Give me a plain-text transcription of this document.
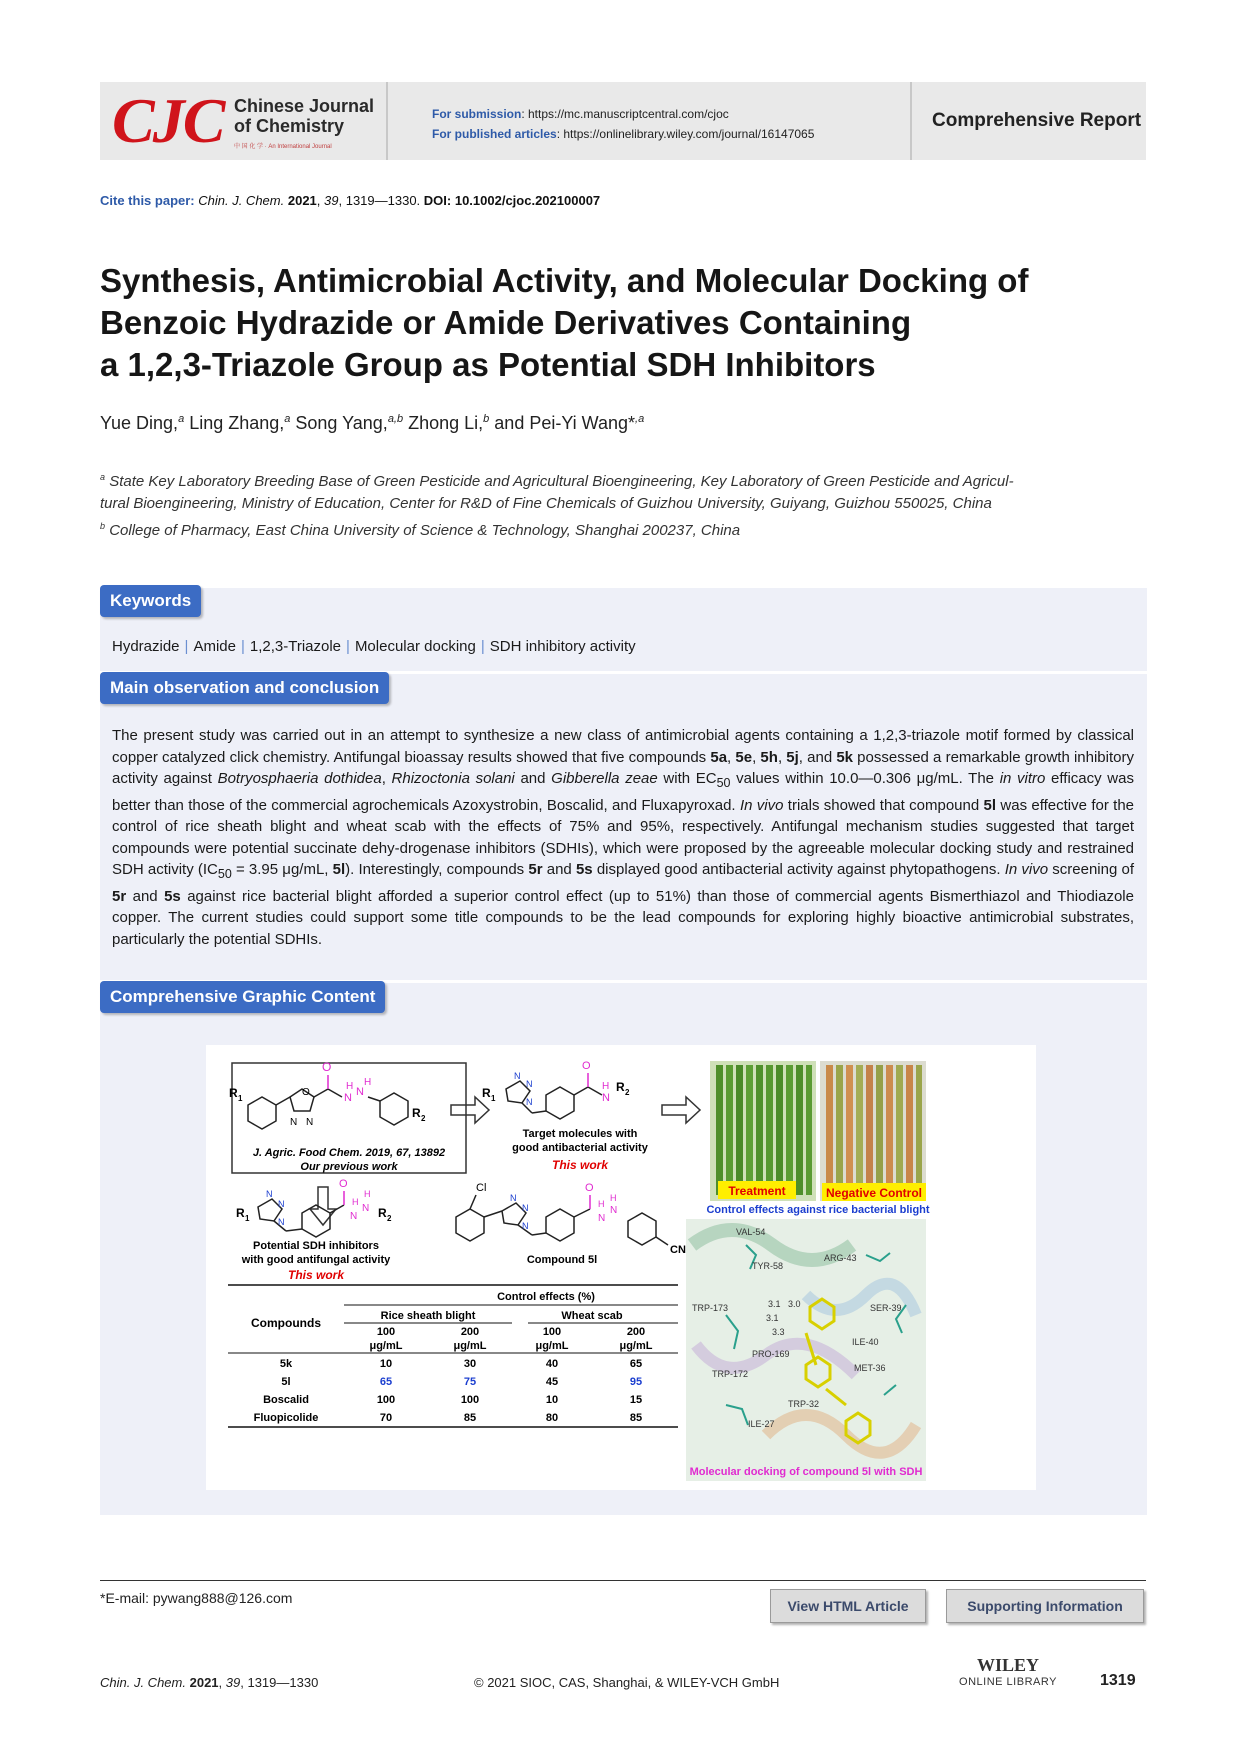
CJC Chinese Journal
of Chemistry
中 国 化 学 · An International Journal
For submission: https://mc.manuscriptcentral.com/cjoc
For published articles: https://onlinelibrary.wiley.com/journal/16147065
Comprehensive Report
Cite this paper: Chin. J. Chem. 2021, 39, 1319—1330. DOI: 10.1002/cjoc.202100007
Synthesis, Antimicrobial Activity, and Molecular Docking of
Benzoic Hydrazide or Amide Derivatives Containing
a 1,2,3-Triazole Group as Potential SDH Inhibitors
Yue Ding,$^a$ Ling Zhang,$^a$ Song Yang,$^{a,b}$ Zhong Li,$^b$ and Pei-Yi Wang*$^{,a}$
$^a$ State Key Laboratory Breeding Base of Green Pesticide and Agricultural Bioengineering, Key Laboratory of Green Pesticide and Agricul-
tural Bioengineering, Ministry of Education, Center for R&D of Fine Chemicals of Guizhou University, Guiyang, Guizhou 550025, China
$^b$ College of Pharmacy, East China University of Science & Technology, Shanghai 200237, China
Keywords
Hydrazide | Amide | 1,2,3-Triazole | Molecular docking | SDH inhibitory activity
Main observation and conclusion
The present study was carried out in an attempt to synthesize a new class of antimicrobial agents containing a 1,2,3-triazole motif formed by classical copper catalyzed click chemistry. Antifungal bioassay results showed that five compounds 5a, 5e, 5h, 5j, and 5k possessed a remarkable growth inhibitory activity against Botryosphaeria dothidea, Rhizoctonia solani and Gibberella zeae with $EC_{50}$ values within 10.0—0.306 μg/mL. The in vitro efficacy was better than those of the commercial agrochemicals Azoxystrobin, Boscalid, and Fluxapyroxad. In vivo trials showed that compound 5l was effective for the control of rice sheath blight and wheat scab with the effects of 75% and 95%, respectively. Antifungal mechanism studies suggested that target compounds were potential succinate dehy-drogenase inhibitors (SDHIs), which were proposed by the agreeable molecular docking study and restrained SDH activity ($IC_{50} = 3.95$ μg/mL, 5l). Interestingly, compounds 5r and 5s displayed good antibacterial activity against phytopathogens. In vivo screening of 5r and 5s against rice bacterial blight afforded a superior control effect (up to 51%) than those of commercial agents Bismerthiazol and Thiodiazole copper. The current studies could support some title compounds to be the lead compounds for exploring highly bioactive antimicrobial substrates, particularly the potential SDHIs.
Comprehensive Graphic Content
R 1
R 2
O
N N
H H
O
N N
J. Agric. Food Chem. 2019, 67, 13892
Our previous work
O
N
H R 2
R 1
N
N
N
Target molecules with
good antibacterial activity
This work
O
N
N
H
H
R 2
R 1
N
N
N
Potential SDH inhibitors
with good antifungal activity
This work
Cl	O
N
N
H
H
N
N
N
CN
Compound 5l
Treatment	Negative Control
Control effects against rice bacterial blight
VAL-54
TYR-58
ARG-43
TRP-173	SER-39
ILE-40
PRO-169
MET-36
TRP-172
TRP-32
ILE-27
3.1 3.0
3.1
3.3
Molecular docking of compound 5l with SDH
Control effects (%)
Compounds	Rice sheath blight	Wheat scab
100	200	100	200
μg/mL	μg/mL	μg/mL	μg/mL
5k	10	30	40	65
5l	65	75	45	95
Boscalid	100	100	10	15
Fluopicolide	70	85	80	85
*E-mail: pywang888@126.com	View HTML Article	Supporting Information
Chin. J. Chem. 2021, 39, 1319—1330	© 2021 SIOC, CAS, Shanghai, & WILEY-VCH GmbH
WILEY
ONLINE LIBRARY	1319
